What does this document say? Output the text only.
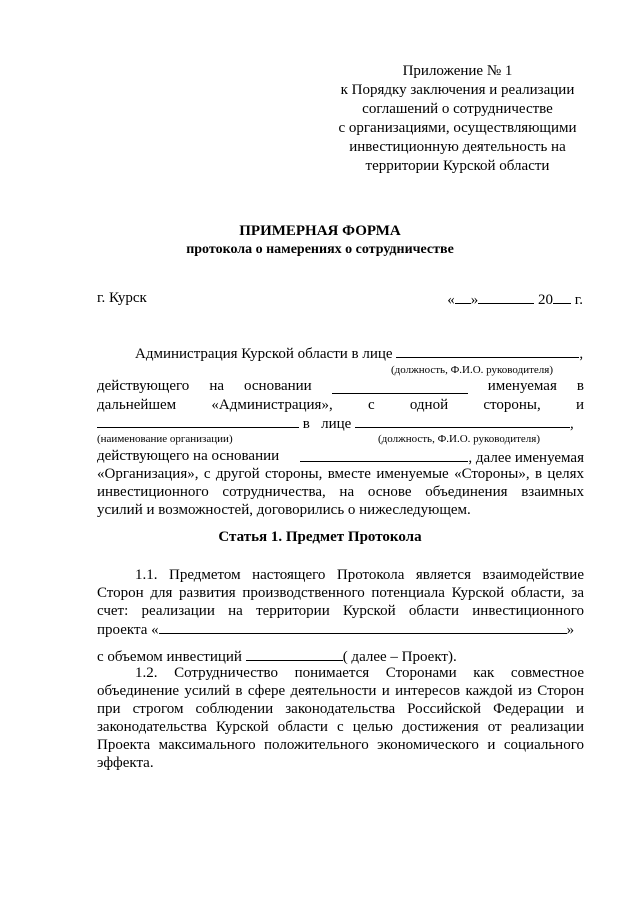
Приложение № 1
к Порядку заключения и реализации
соглашений о сотрудничестве
с организациями, осуществляющими
инвестиционную деятельность на
территории Курской области
ПРИМЕРНАЯ ФОРМА
протокола о намерениях о сотрудничестве
г. Курск	« »	20 г.
Администрация Курской области в лице	,
(должность, Ф.И.О. руководителя)
действующего на основании	именуемая в
дальнейшем «Администрация», с одной стороны, и
в   лице	,
(наименование организации)	(должность, Ф.И.О. руководителя)
действующего на основании	, далее именуемая
«Организация», с другой стороны, вместе именуемые «Стороны», в целях
инвестиционного сотрудничества, на основе объединения взаимных
усилий и возможностей, договорились о нижеследующем.
Статья 1. Предмет Протокола
1.1. Предметом настоящего Протокола является взаимодействие
Сторон для развития производственного потенциала Курской области, за
счет: реализации на территории Курской области инвестиционного
проекта «	»
с объемом инвестиций	( далее – Проект).
1.2. Сотрудничество понимается Сторонами как совместное
объединение усилий в сфере деятельности и интересов каждой из Сторон
при строгом соблюдении законодательства Российской Федерации и
законодательства Курской области с целью достижения от реализации
Проекта максимального положительного экономического и социального
эффекта.
